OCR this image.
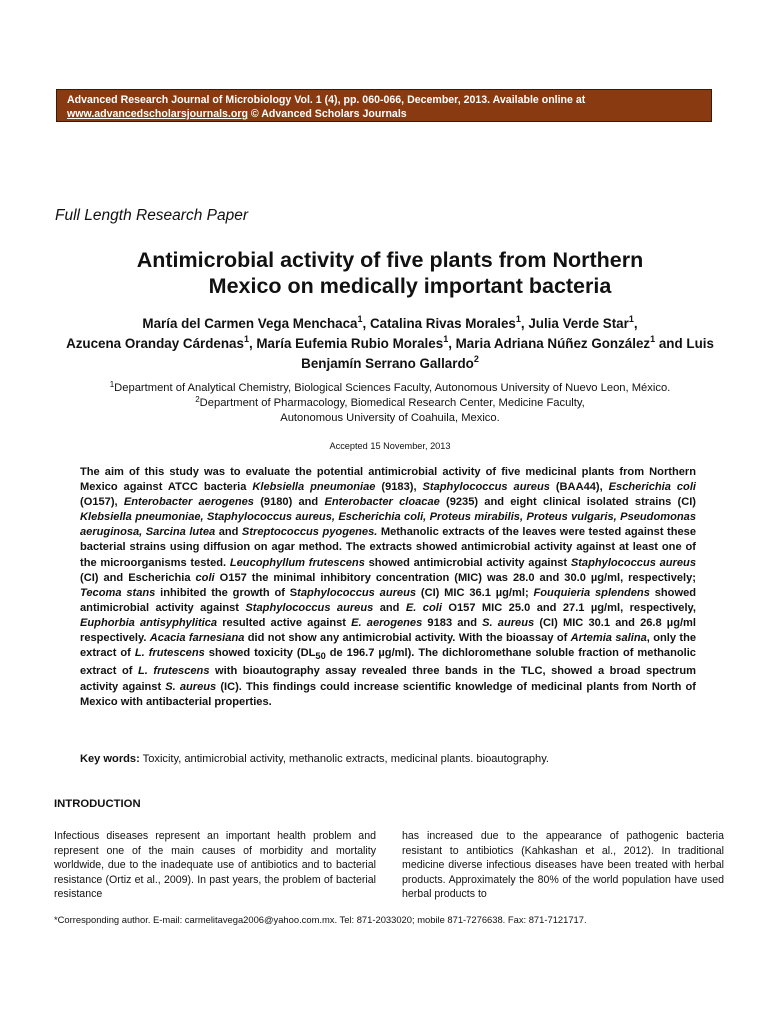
Advanced Research Journal of Microbiology Vol. 1 (4), pp. 060-066, December, 2013. Available online at
www.advancedscholarsjournals.org © Advanced Scholars Journals
Full Length Research Paper
Antimicrobial activity of five plants from Northern
Mexico on medically important bacteria
María del Carmen Vega Menchaca$^1$, Catalina Rivas Morales$^1$, Julia Verde Star$^1$,
Azucena Oranday Cárdenas$^1$, María Eufemia Rubio Morales$^1$, Maria Adriana Núñez González$^1$ and Luis Benjamín Serrano Gallardo$^2$
$^1$Department of Analytical Chemistry, Biological Sciences Faculty, Autonomous University of Nuevo Leon, México.
$^2$Department of Pharmacology, Biomedical Research Center, Medicine Faculty,
Autonomous University of Coahuila, Mexico.
Accepted 15 November, 2013

The aim of this study was to evaluate the potential antimicrobial activity of five medicinal plants from Northern Mexico against ATCC bacteria Klebsiella pneumoniae (9183), Staphylococcus aureus (BAA44), Escherichia coli (O157), Enterobacter aerogenes (9180) and Enterobacter cloacae (9235) and eight clinical isolated strains (CI) Klebsiella pneumoniae, Staphylococcus aureus, Escherichia coli, Proteus mirabilis, Proteus vulgaris, Pseudomonas aeruginosa, Sarcina lutea and Streptococcus pyogenes. Methanolic extracts of the leaves were tested against these bacterial strains using diffusion on agar method. The extracts showed antimicrobial activity against at least one of the microorganisms tested. Leucophyllum frutescens showed antimicrobial activity against Staphylococcus aureus (CI) and Escherichia coli O157 the minimal inhibitory concentration (MIC) was 28.0 and 30.0 µg/ml, respectively; Tecoma stans inhibited the growth of Staphylococcus aureus (CI) MIC 36.1 µg/ml; Fouquieria splendens showed antimicrobial activity against Staphylococcus aureus and E. coli O157 MIC 25.0 and 27.1 µg/ml, respectively, Euphorbia antisyphylitica resulted active against E. aerogenes 9183 and S. aureus (CI) MIC 30.1 and 26.8 µg/ml respectively. Acacia farnesiana did not show any antimicrobial activity. With the bioassay of Artemia salina, only the extract of L. frutescens showed toxicity ($DL_{50}$ de 196.7 µg/ml). The dichloromethane soluble fraction of methanolic extract of L. frutescens with bioautography assay revealed three bands in the TLC, showed a broad spectrum activity against S. aureus (IC). This findings could increase scientific knowledge of medicinal plants from North of Mexico with antibacterial properties.

Key words: Toxicity, antimicrobial activity, methanolic extracts, medicinal plants. bioautography.
INTRODUCTION
Infectious diseases represent an important health problem and represent one of the main causes of morbidity and mortality worldwide, due to the inadequate use of antibiotics and to bacterial resistance (Ortiz et al., 2009). In past years, the problem of bacterial resistance
has increased due to the appearance of pathogenic bacteria resistant to antibiotics (Kahkashan et al., 2012). In traditional medicine diverse infectious diseases have been treated with herbal products. Approximately the 80% of the world population have used herbal products to
*Corresponding author. E-mail: carmelitavega2006@yahoo.com.mx. Tel: 871-2033020; mobile 871-7276638. Fax: 871-7121717.
